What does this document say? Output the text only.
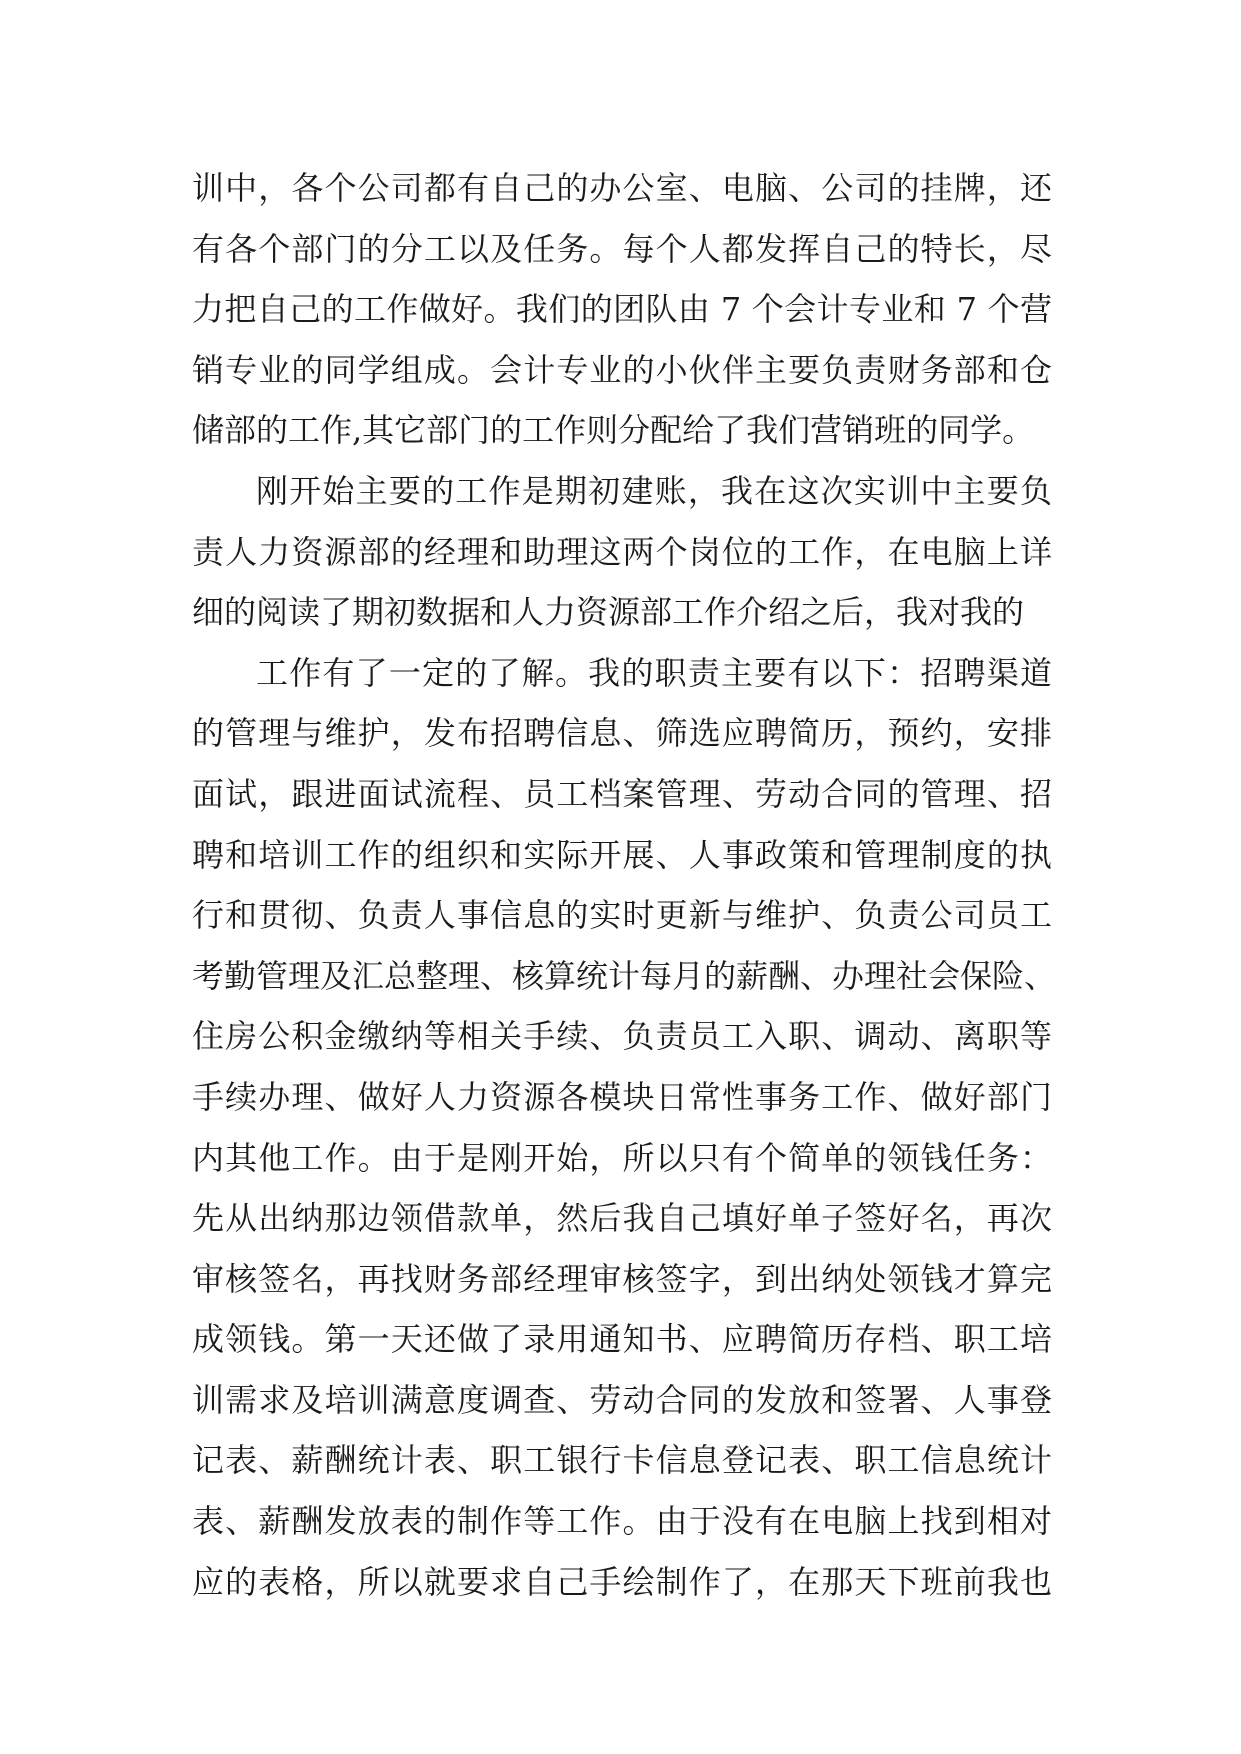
训中，各个公司都有自己的办公室、电脑、公司的挂牌，还
有各个部门的分工以及任务。每个人都发挥自己的特长，尽
力把自己的工作做好。我们的团队由 7 个会计专业和 7 个营
销专业的同学组成。会计专业的小伙伴主要负责财务部和仓
储部的工作,其它部门的工作则分配给了我们营销班的同学。
刚开始主要的工作是期初建账，我在这次实训中主要负
责人力资源部的经理和助理这两个岗位的工作，在电脑上详
细的阅读了期初数据和人力资源部工作介绍之后，我对我的
工作有了一定的了解。我的职责主要有以下：招聘渠道
的管理与维护，发布招聘信息、筛选应聘简历，预约，安排
面试，跟进面试流程、员工档案管理、劳动合同的管理、招
聘和培训工作的组织和实际开展、人事政策和管理制度的执
行和贯彻、负责人事信息的实时更新与维护、负责公司员工
考勤管理及汇总整理、核算统计每月的薪酬、办理社会保险、
住房公积金缴纳等相关手续、负责员工入职、调动、离职等
手续办理、做好人力资源各模块日常性事务工作、做好部门
内其他工作。由于是刚开始，所以只有个简单的领钱任务：
先从出纳那边领借款单，然后我自己填好单子签好名，再次
审核签名，再找财务部经理审核签字，到出纳处领钱才算完
成领钱。第一天还做了录用通知书、应聘简历存档、职工培
训需求及培训满意度调查、劳动合同的发放和签署、人事登
记表、薪酬统计表、职工银行卡信息登记表、职工信息统计
表、薪酬发放表的制作等工作。由于没有在电脑上找到相对
应的表格，所以就要求自己手绘制作了，在那天下班前我也
